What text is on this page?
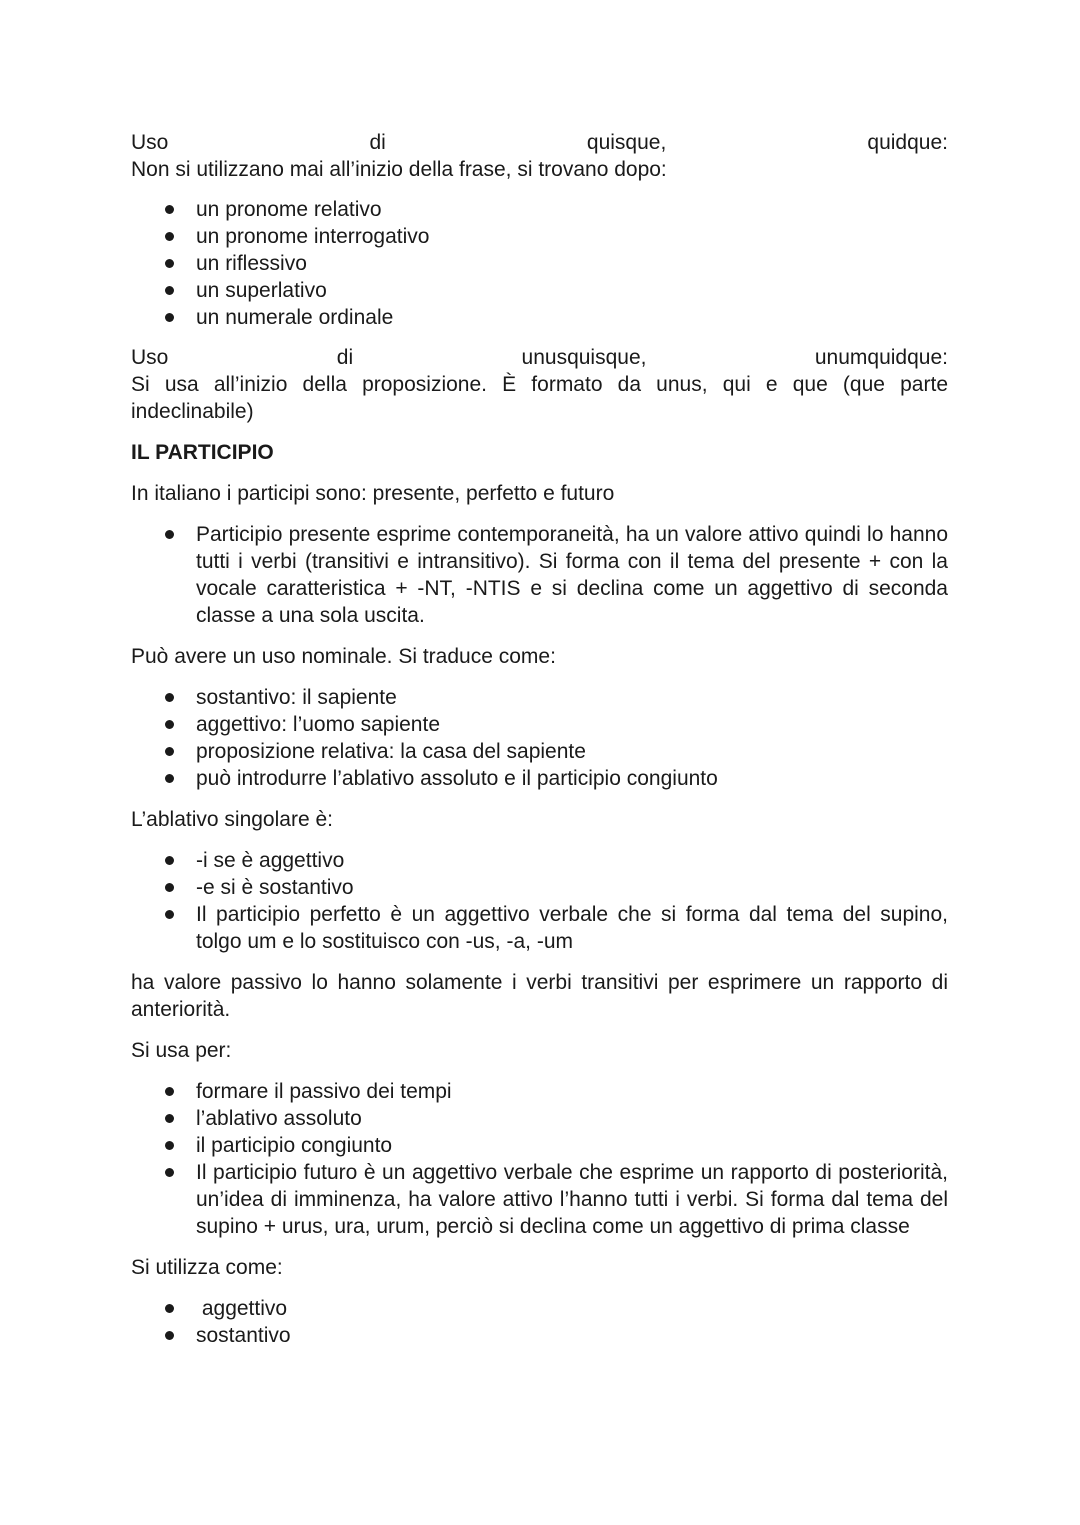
Uso	di	quisque,	quidque:

Non si utilizzano mai all’inizio della frase, si trovano dopo:

un pronome relativo
un pronome interrogativo
un riflessivo
un superlativo
un numerale ordinale

Uso	di	unusquisque,	unumquidque:

Si usa all’inizio della proposizione. È formato da unus, qui e que (que parte indeclinabile)

IL PARTICIPIO

In italiano i participi sono: presente, perfetto e futuro

Participio presente esprime contemporaneità, ha un valore attivo quindi lo hanno tutti i verbi (transitivi e intransitivo). Si forma con il tema del presente + con la vocale caratteristica + -NT, -NTIS e si declina come un aggettivo di seconda classe a una sola uscita.

Può avere un uso nominale. Si traduce come:

sostantivo: il sapiente
aggettivo: l’uomo sapiente
proposizione relativa: la casa del sapiente
può introdurre l’ablativo assoluto e il participio congiunto

L’ablativo singolare è:

-i se è aggettivo
-e si è sostantivo
Il participio perfetto è un aggettivo verbale che si forma dal tema del supino, tolgo um e lo sostituisco con -us, -a, -um

ha valore passivo lo hanno solamente i verbi transitivi per esprimere un rapporto di anteriorità.

Si usa per:

formare il passivo dei tempi
l’ablativo assoluto
il participio congiunto
Il participio futuro è un aggettivo verbale che esprime un rapporto di posteriorità, un’idea di imminenza, ha valore attivo l’hanno tutti i verbi. Si forma dal tema del supino + urus, ura, urum, perciò si declina come un aggettivo di prima classe

Si utilizza come:

aggettivo
sostantivo
